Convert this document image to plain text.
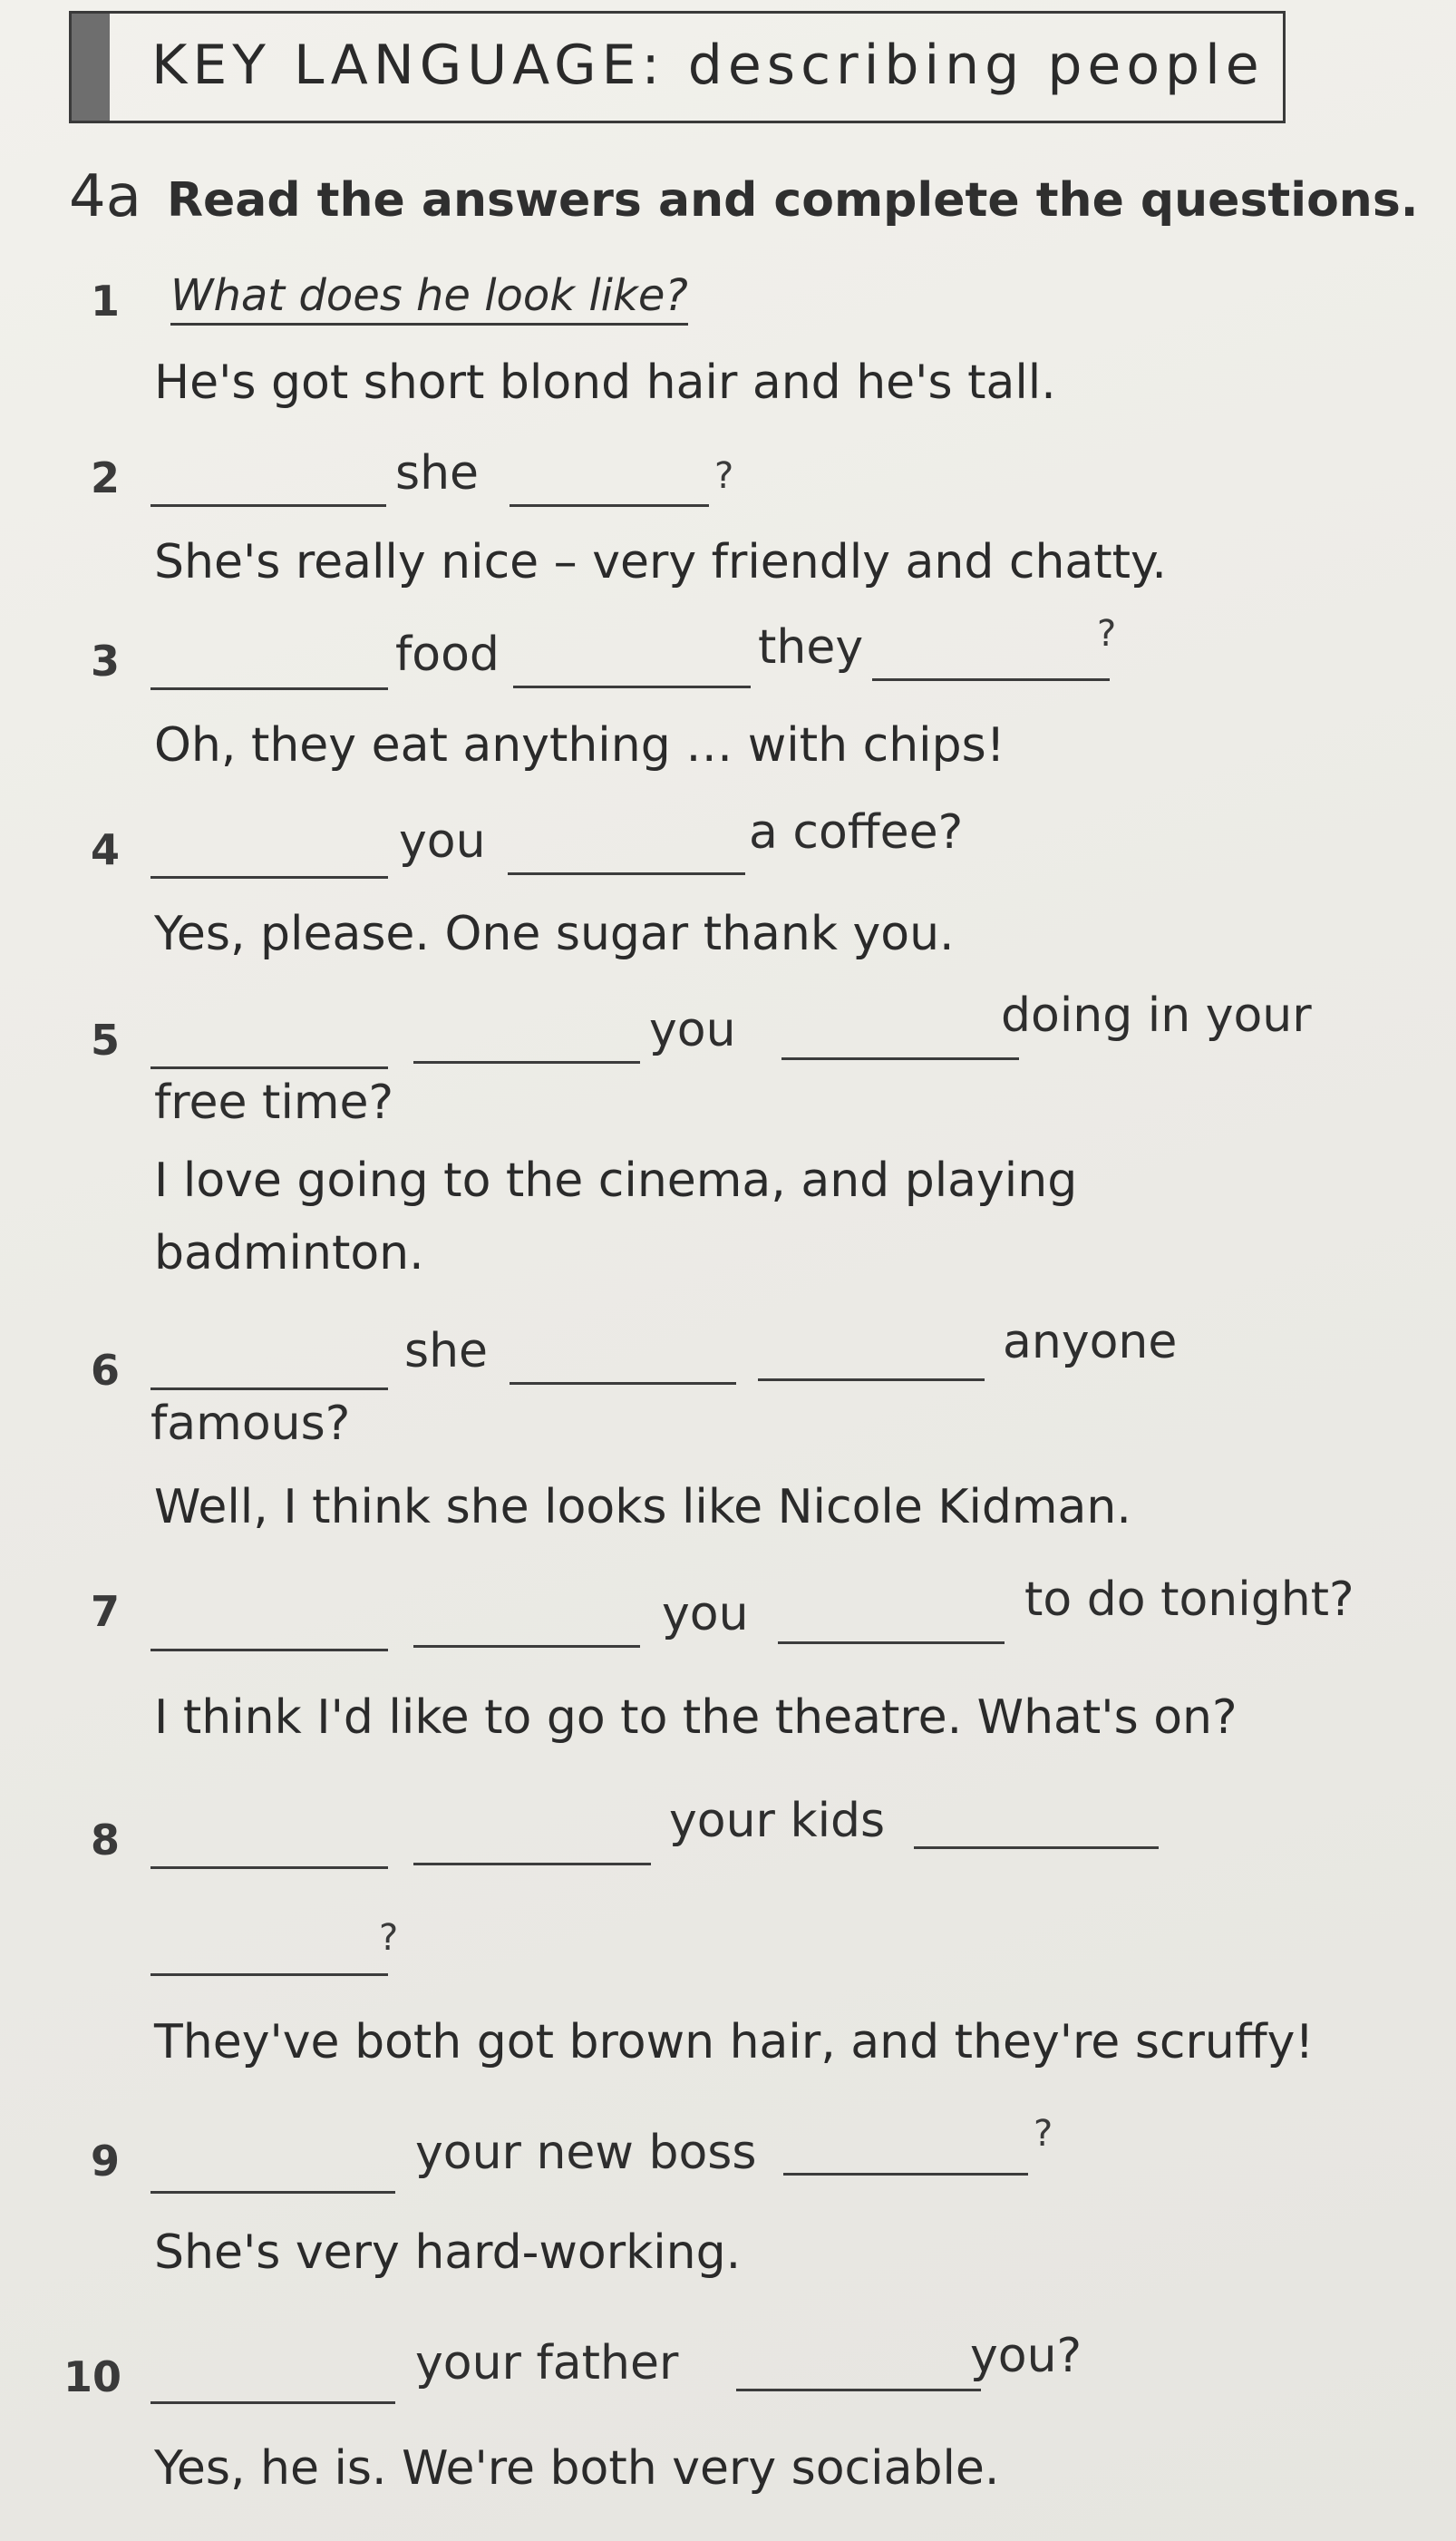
KEY LANGUAGE: describing people
4a Read the answers and complete the questions.
1 What does he look like?
He's got short blond hair and he's tall.
2	she	?
She's really nice – very friendly and chatty.
3	food	they	?
Oh, they eat anything … with chips!
4	you	a coffee?
Yes, please. One sugar thank you.
5	you	doing in your
free time?
I love going to the cinema, and playing
badminton.
6	she	anyone
famous?
Well, I think she looks like Nicole Kidman.
7	you	to do tonight?
I think I'd like to go to the theatre. What's on?
8	your kids
?
They've both got brown hair, and they're scruffy!
9	your new boss	?
She's very hard-working.
10	your father	you?
Yes, he is. We're both very sociable.
